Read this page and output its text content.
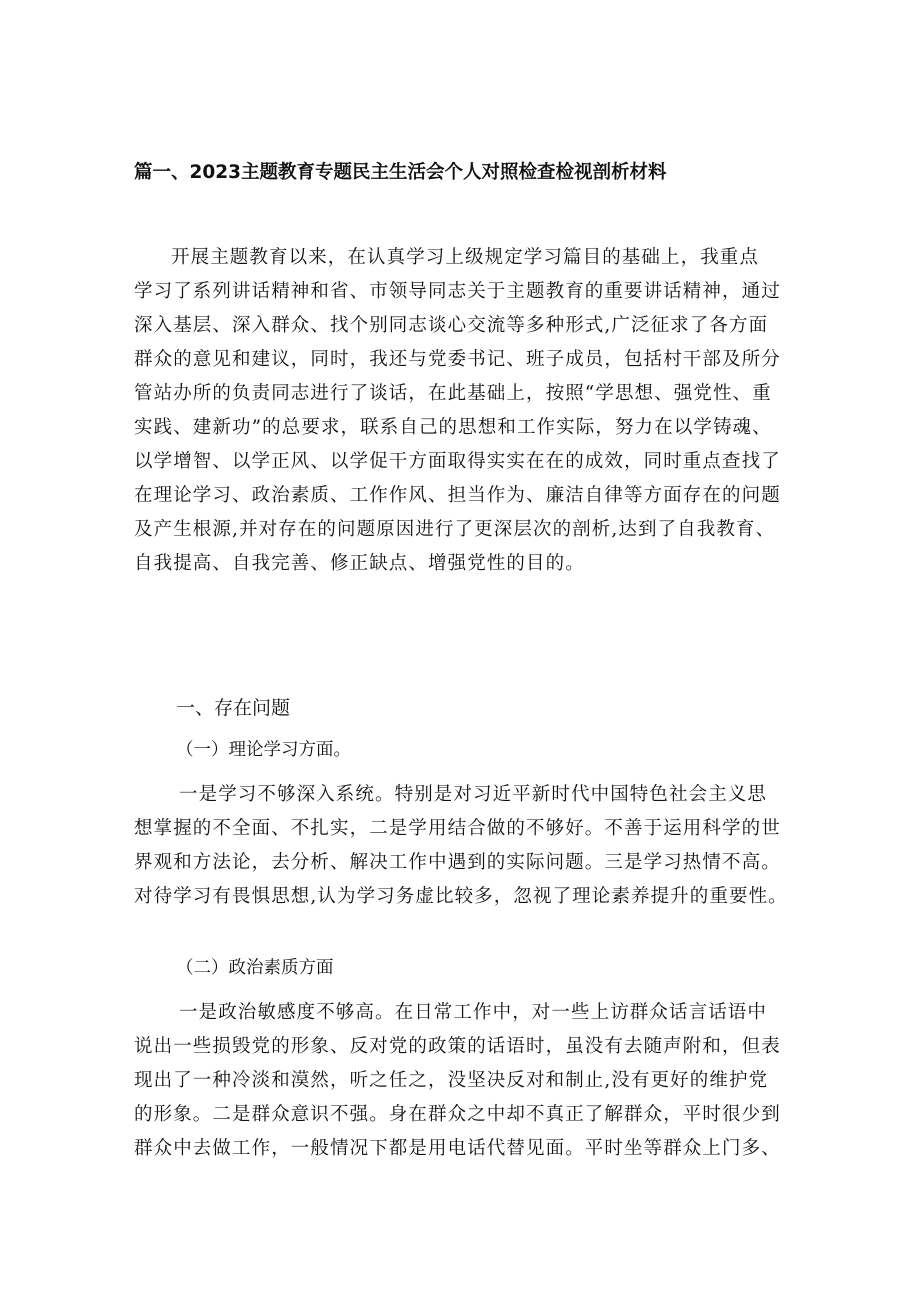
篇一、2023主题教育专题民主生活会个人对照检查检视剖析材料
开展主题教育以来，在认真学习上级规定学习篇目的基础上，我重点
学习了系列讲话精神和省、市领导同志关于主题教育的重要讲话精神，通过
深入基层、深入群众、找个别同志谈心交流等多种形式,广泛征求了各方面
群众的意见和建议，同时，我还与党委书记、班子成员，包括村干部及所分
管站办所的负责同志进行了谈话，在此基础上，按照“学思想、强党性、重
实践、建新功”的总要求，联系自己的思想和工作实际，努力在以学铸魂、
以学增智、以学正风、以学促干方面取得实实在在的成效，同时重点查找了
在理论学习、政治素质、工作作风、担当作为、廉洁自律等方面存在的问题
及产生根源,并对存在的问题原因进行了更深层次的剖析,达到了自我教育、
自我提高、自我完善、修正缺点、增强党性的目的。
一、存在问题
（一）理论学习方面。
一是学习不够深入系统。特别是对习近平新时代中国特色社会主义思
想掌握的不全面、不扎实，二是学用结合做的不够好。不善于运用科学的世
界观和方法论，去分析、解决工作中遇到的实际问题。三是学习热情不高。
对待学习有畏惧思想,认为学习务虚比较多，忽视了理论素养提升的重要性。
（二）政治素质方面
一是政治敏感度不够高。在日常工作中，对一些上访群众话言话语中
说出一些损毁党的形象、反对党的政策的话语时，虽没有去随声附和，但表
现出了一种冷淡和漠然，听之任之，没坚决反对和制止,没有更好的维护党
的形象。二是群众意识不强。身在群众之中却不真正了解群众，平时很少到
群众中去做工作，一般情况下都是用电话代替见面。平时坐等群众上门多、
